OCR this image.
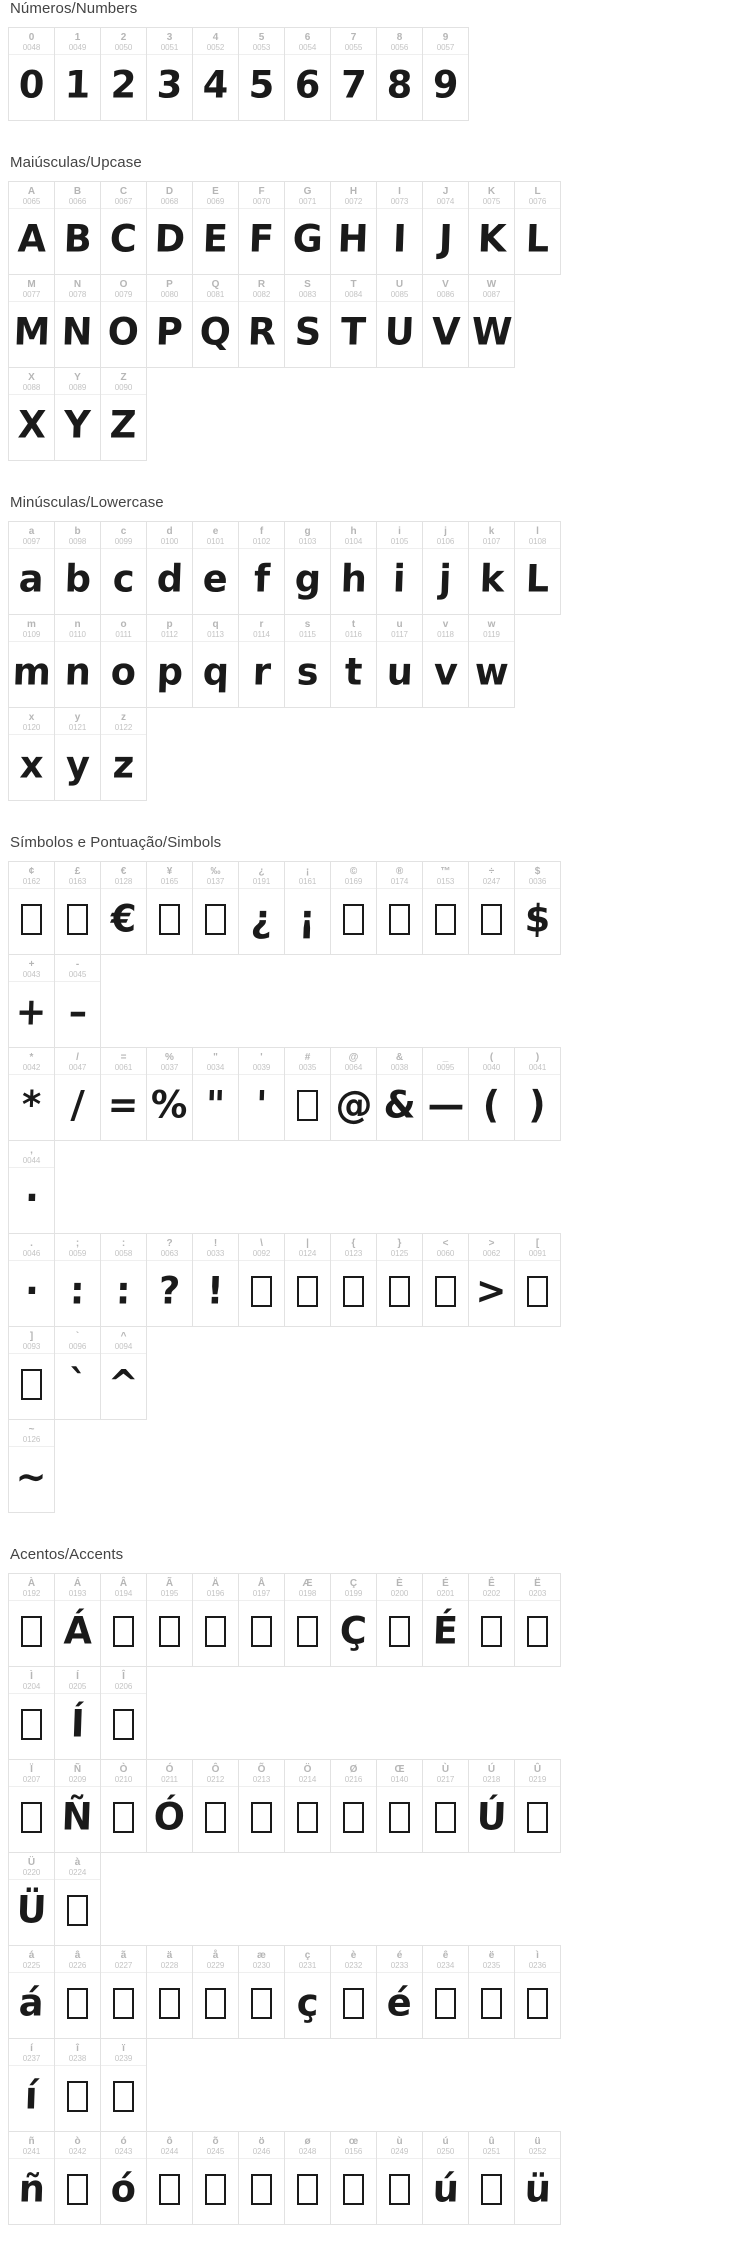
Números/Numbers
0
0048
0
1
0049
1
2
0050
2
3
0051
3
4
0052
4
5
0053
5
6
0054
6
7
0055
7
8
0056
8
9
0057
9
Maiúsculas/Upcase
A
0065
A
B
0066
B
C
0067
C
D
0068
D
E
0069
E
F
0070
F
G
0071
G
H
0072
H
I
0073
I
J
0074
J
K
0075
K
L
0076
L
M
0077
M
N
0078
N
O
0079
O
P
0080
P
Q
0081
Q
R
0082
R
S
0083
S
T
0084
T
U
0085
U
V
0086
V
W
0087
W
X
0088
X
Y
0089
Y
Z
0090
Z
Minúsculas/Lowercase
a
0097
a
b
0098
b
c
0099
c
d
0100
d
e
0101
e
f
0102
f
g
0103
g
h
0104
h
i
0105
i
j
0106
j
k
0107
k
l
0108
L
m
0109
m
n
0110
n
o
0111
o
p
0112
p
q
0113
q
r
0114
r
s
0115
s
t
0116
t
u
0117
u
v
0118
v
w
0119
w
x
0120
x
y
0121
y
z
0122
z
Símbolos e Pontuação/Simbols
¢
0162
£
0163
€
0128
€
¥
0165
‰
0137
¿
0191
¿
¡
0161
¡
©
0169
®
0174
™
0153
÷
0247
$
0036
$
+
0043
+
-
0045
–
*
0042
*
/
0047
/
=
0061
=
%
0037
%
"
0034
"
'
0039
'
#
0035
@
0064
@
&
0038
&
_
0095
—
(
0040
(
)
0041
)
,
0044
·
.
0046
·
;
0059
:
:
0058
:
?
0063
?
!
0033
!
\
0092
|
0124
{
0123
}
0125
<
0060
>
0062
>
[
0091
]
0093
`
0096
`
^
0094
^
~
0126
~
Acentos/Accents
À
0192
Á
0193
Á
Â
0194
Ã
0195
Ä
0196
Å
0197
Æ
0198
Ç
0199
Ç
È
0200
É
0201
É
Ê
0202
Ë
0203
Ì
0204
Í
0205
Í
Î
0206
Ï
0207
Ñ
0209
Ñ
Ò
0210
Ó
0211
Ó
Ô
0212
Õ
0213
Ö
0214
Ø
0216
Œ
0140
Ù
0217
Ú
0218
Ú
Û
0219
Ü
0220
Ü
à
0224
á
0225
á
â
0226
ã
0227
ä
0228
å
0229
æ
0230
ç
0231
ç
è
0232
é
0233
é
ê
0234
ë
0235
ì
0236
í
0237
í
î
0238
ï
0239
ñ
0241
ñ
ò
0242
ó
0243
ó
ô
0244
õ
0245
ö
0246
ø
0248
œ
0156
ù
0249
ú
0250
ú
û
0251
ü
0252
ü
